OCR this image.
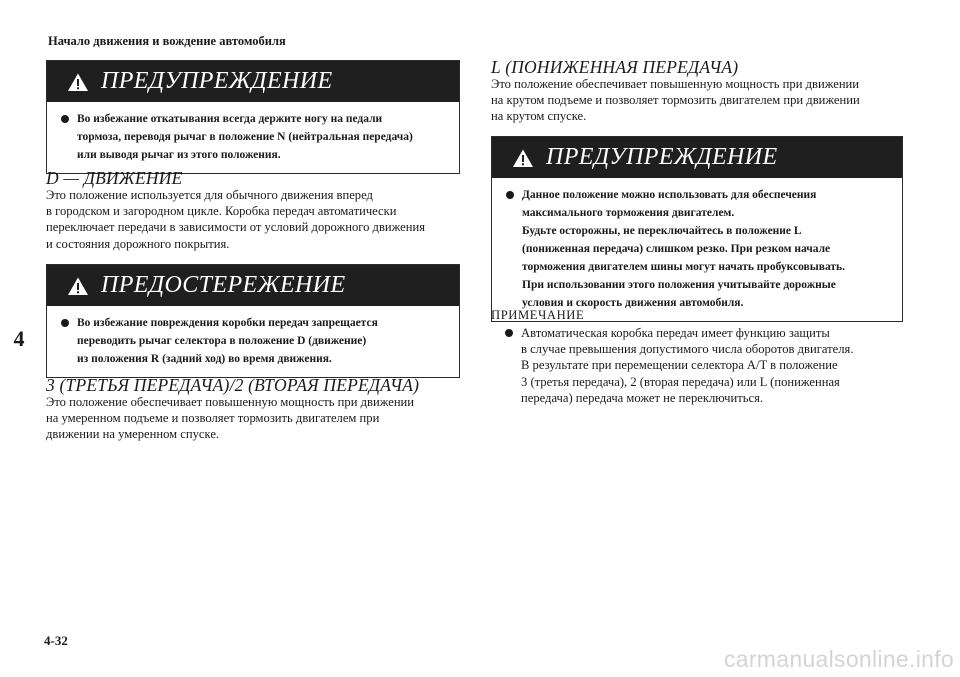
Начало движения и вождение автомобиля
ПРЕДУПРЕЖДЕНИЕ

Во избежание откатывания всегда держите ногу на педали

тормоза, переводя рычаг в положение N (нейтральная передача)

или выводя рычаг из этого положения.

D — ДВИЖЕНИЕ

Это положение используется для обычного движения вперед

в городском и загородном цикле. Коробка передач автоматически

переключает передачи в зависимости от условий дорожного движения

и состояния дорожного покрытия.

ПРЕДОСТЕРЕЖЕНИЕ

Во избежание повреждения коробки передач запрещается

переводить рычаг селектора в положение D (движение)

из положения R (задний ход) во время движения.

3 (ТРЕТЬЯ ПЕРЕДАЧА)/2 (ВТОРАЯ ПЕРЕДАЧА)

Это положение обеспечивает повышенную мощность при движении

на умеренном подъеме и позволяет тормозить двигателем при

движении на умеренном спуске.

L (ПОНИЖЕННАЯ ПЕРЕДАЧА)

Это положение обеспечивает повышенную мощность при движении

на крутом подъеме и позволяет тормозить двигателем при движении

на крутом спуске.

ПРЕДУПРЕЖДЕНИЕ

Данное положение можно использовать для обеспечения

максимального торможения двигателем.

Будьте осторожны, не переключайтесь в положение L

(пониженная передача) слишком резко. При резком начале

торможения двигателем шины могут начать пробуксовывать.

При использовании этого положения учитывайте дорожные

условия и скорость движения автомобиля.

ПРИМЕЧАНИЕ

Автоматическая коробка передач имеет функцию защиты

в случае превышения допустимого числа оборотов двигателя.

В результате при перемещении селектора A/T в положение

3 (третья передача), 2 (вторая передача) или L (пониженная

передача) передача может не переключиться.

4
4-32
carmanualsonline.info
